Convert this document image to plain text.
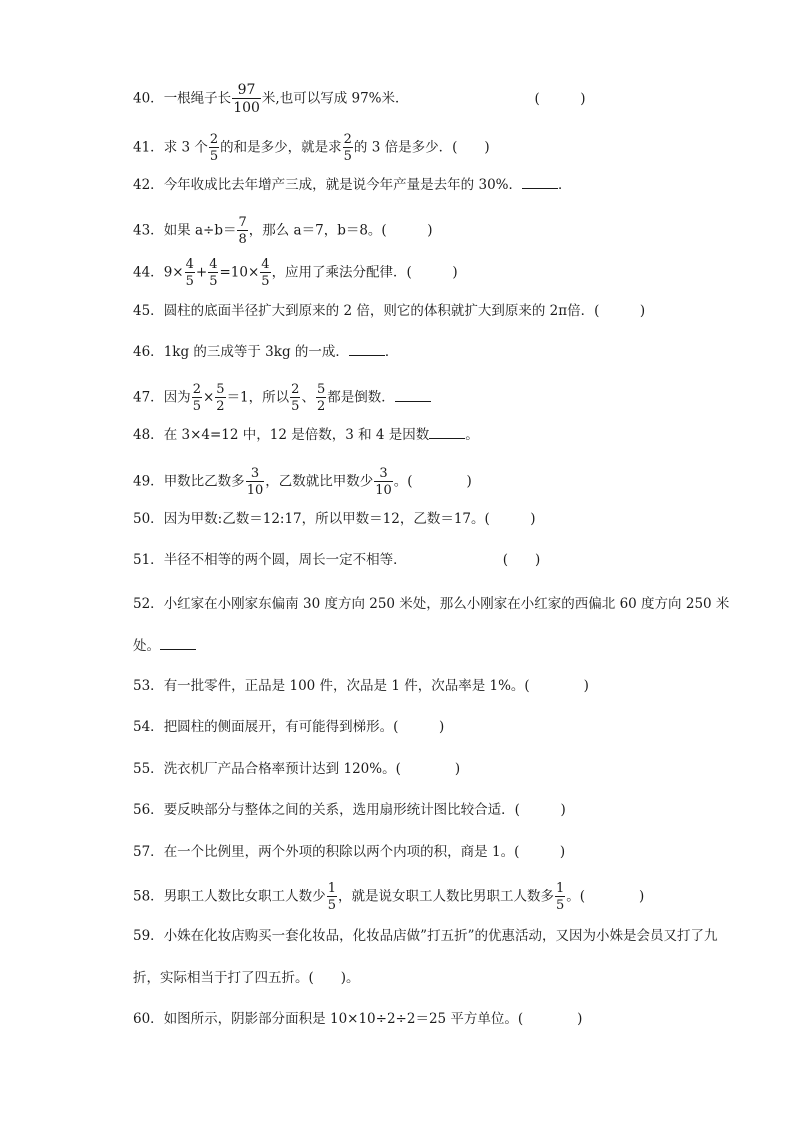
40．一根绳子长 $\frac{97}{100}$ 米,也可以写成 97%米．	(　　　)
41．求 3 个 $\frac{2}{5}$ 的和是多少，就是求 $\frac{2}{5}$ 的 3 倍是多少．(　　)
42．今年收成比去年增产三成，就是说今年产量是去年的 30%．	．
43．如果 $a\div b= \frac{7}{8}$ ，那么 a＝7，b＝8。(　　　)
44．$9\times \frac{4}{5} + \frac{4}{5} =10\times \frac{4}{5}$ ，应用了乘法分配律．(　　　)
45．圆柱的底面半径扩大到原来的 2 倍，则它的体积就扩大到原来的 2π倍．(　　　)
46．1kg 的三成等于 3kg 的一成．	．
47．因为 $\frac{2}{5} \times \frac{5}{2} =1$，所以 $\frac{2}{5}$ 、 $\frac{5}{2}$ 都是倒数．
48．在 3×4=12 中，12 是倍数，3 和 4 是因数	。
49．甲数比乙数多 $\frac{3}{10}$ ，乙数就比甲数少 $\frac{3}{10}$ 。(　　　　)
50．因为甲数:乙数＝12:17，所以甲数＝12，乙数＝17。(　　　)
51．半径不相等的两个圆，周长一定不相等．	(　　)
52．小红家在小刚家东偏南 30 度方向 250 米处，那么小刚家在小红家的西偏北 60 度方向 250 米处。
53．有一批零件，正品是 100 件，次品是 1 件，次品率是 1%。(　　　　)
54．把圆柱的侧面展开，有可能得到梯形。(　　　)
55．洗衣机厂产品合格率预计达到 120%。(　　　　)
56．要反映部分与整体之间的关系，选用扇形统计图比较合适．(　　　)
57．在一个比例里，两个外项的积除以两个内项的积，商是 1。(　　　)
58．男职工人数比女职工人数少 $\frac{1}{5}$ ，就是说女职工人数比男职工人数多 $\frac{1}{5}$ 。(　　　　)
59．小姝在化妆店购买一套化妆品，化妆品店做”打五折”的优惠活动，又因为小姝是会员又打了九折，实际相当于打了四五折。(　　)。
60．如图所示，阴影部分面积是 10×10÷2÷2＝25 平方单位。(　　　　)
